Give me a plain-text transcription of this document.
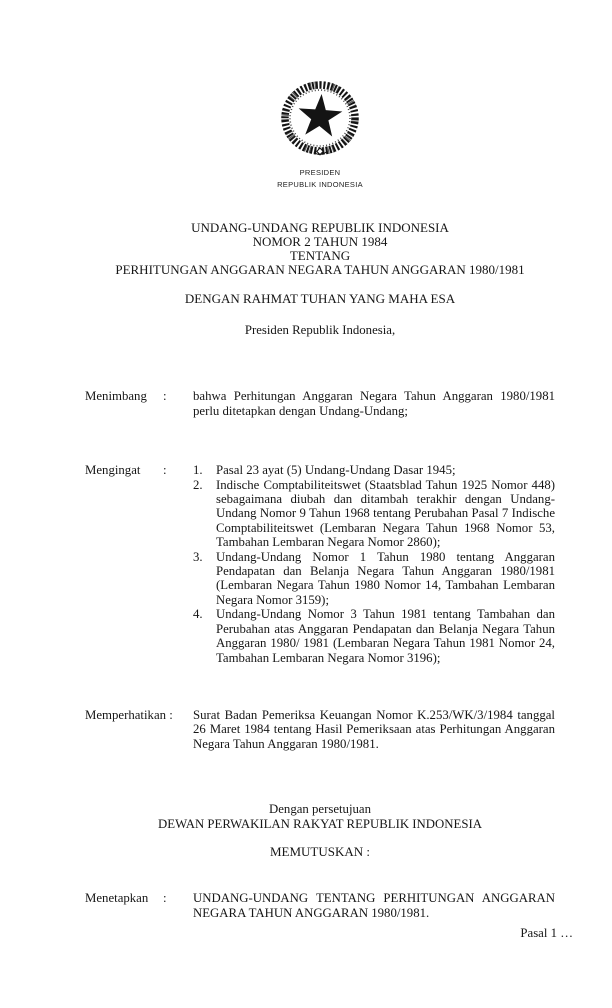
PRESIDEN
REPUBLIK INDONESIA
UNDANG-UNDANG REPUBLIK INDONESIA
NOMOR 2 TAHUN 1984
TENTANG
PERHITUNGAN ANGGARAN NEGARA TAHUN ANGGARAN 1980/1981
DENGAN RAHMAT TUHAN YANG MAHA ESA
Presiden Republik Indonesia,
Menimbang	:	bahwa Perhitungan Anggaran Negara Tahun Anggaran 1980/1981 perlu ditetapkan dengan Undang-Undang;
Mengingat	:	1.	Pasal 23 ayat (5) Undang-Undang Dasar 1945;
2.	Indische Comptabiliteitswet (Staatsblad Tahun 1925 Nomor 448) sebagaimana diubah dan ditambah terakhir dengan Undang-Undang Nomor 9 Tahun 1968 tentang Perubahan Pasal 7 Indische Comptabiliteitswet (Lembaran Negara Tahun 1968 Nomor 53, Tambahan Lembaran Negara Nomor 2860);
3.	Undang-Undang Nomor 1 Tahun 1980 tentang Anggaran Pendapatan dan Belanja Negara Tahun Anggaran 1980/1981 (Lembaran Negara Tahun 1980 Nomor 14, Tambahan Lembaran Negara Nomor 3159);
4.	Undang-Undang Nomor 3 Tahun 1981 tentang Tambahan dan Perubahan atas Anggaran Pendapatan dan Belanja Negara Tahun Anggaran 1980/ 1981 (Lembaran Negara Tahun 1981 Nomor 24, Tambahan Lembaran Negara Nomor 3196);
Memperhatikan :	Surat Badan Pemeriksa Keuangan Nomor K.253/WK/3/1984 tanggal 26 Maret 1984 tentang Hasil Pemeriksaan atas Perhitungan Anggaran Negara Tahun Anggaran 1980/1981.
Dengan persetujuan
DEWAN PERWAKILAN RAKYAT REPUBLIK INDONESIA
MEMUTUSKAN :
Menetapkan	:	UNDANG-UNDANG TENTANG PERHITUNGAN ANGGARAN NEGARA TAHUN ANGGARAN 1980/1981.
Pasal 1 …
